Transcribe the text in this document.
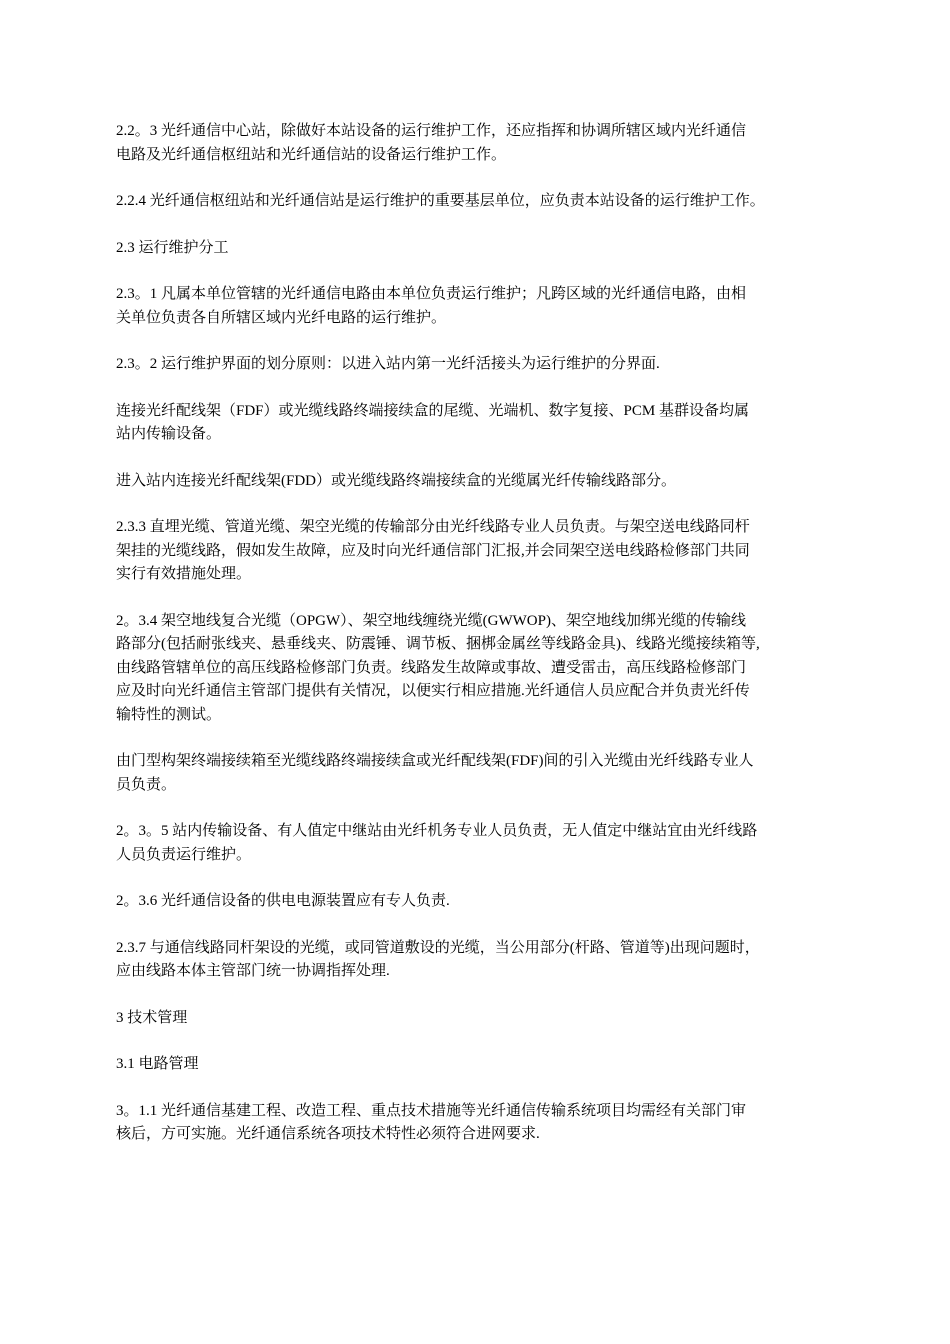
2.2。3 光纤通信中心站，除做好本站设备的运行维护工作，还应指挥和协调所辖区域内光纤通信
电路及光纤通信枢纽站和光纤通信站的设备运行维护工作。

2.2.4 光纤通信枢纽站和光纤通信站是运行维护的重要基层单位，应负责本站设备的运行维护工作。

2.3 运行维护分工

2.3。1 凡属本单位管辖的光纤通信电路由本单位负责运行维护；凡跨区域的光纤通信电路，由相
关单位负责各自所辖区域内光纤电路的运行维护。

2.3。2 运行维护界面的划分原则：以进入站内第一光纤活接头为运行维护的分界面.

连接光纤配线架（FDF）或光缆线路终端接续盒的尾缆、光端机、数字复接、PCM 基群设备均属
站内传输设备。

进入站内连接光纤配线架(FDD）或光缆线路终端接续盒的光缆属光纤传输线路部分。

2.3.3 直埋光缆、管道光缆、架空光缆的传输部分由光纤线路专业人员负责。与架空送电线路同杆
架挂的光缆线路，假如发生故障，应及时向光纤通信部门汇报,并会同架空送电线路检修部门共同
实行有效措施处理。

2。3.4 架空地线复合光缆（OPGW）、架空地线缠绕光缆(GWWOP)、架空地线加绑光缆的传输线
路部分(包括耐张线夹、悬垂线夹、防震锤、调节板、捆梆金属丝等线路金具)、线路光缆接续箱等,
由线路管辖单位的高压线路检修部门负责。线路发生故障或事故、遭受雷击，高压线路检修部门
应及时向光纤通信主管部门提供有关情况，以便实行相应措施.光纤通信人员应配合并负责光纤传
输特性的测试。

由门型构架终端接续箱至光缆线路终端接续盒或光纤配线架(FDF)间的引入光缆由光纤线路专业人
员负责。

2。3。5 站内传输设备、有人值定中继站由光纤机务专业人员负责，无人值定中继站宜由光纤线路
人员负责运行维护。

2。3.6 光纤通信设备的供电电源装置应有专人负责.

2.3.7 与通信线路同杆架设的光缆，或同管道敷设的光缆，当公用部分(杆路、管道等)出现问题时，
应由线路本体主管部门统一协调指挥处理.

3 技术管理

3.1 电路管理

3。1.1 光纤通信基建工程、改造工程、重点技术措施等光纤通信传输系统项目均需经有关部门审
核后，方可实施。光纤通信系统各项技术特性必须符合进网要求.
